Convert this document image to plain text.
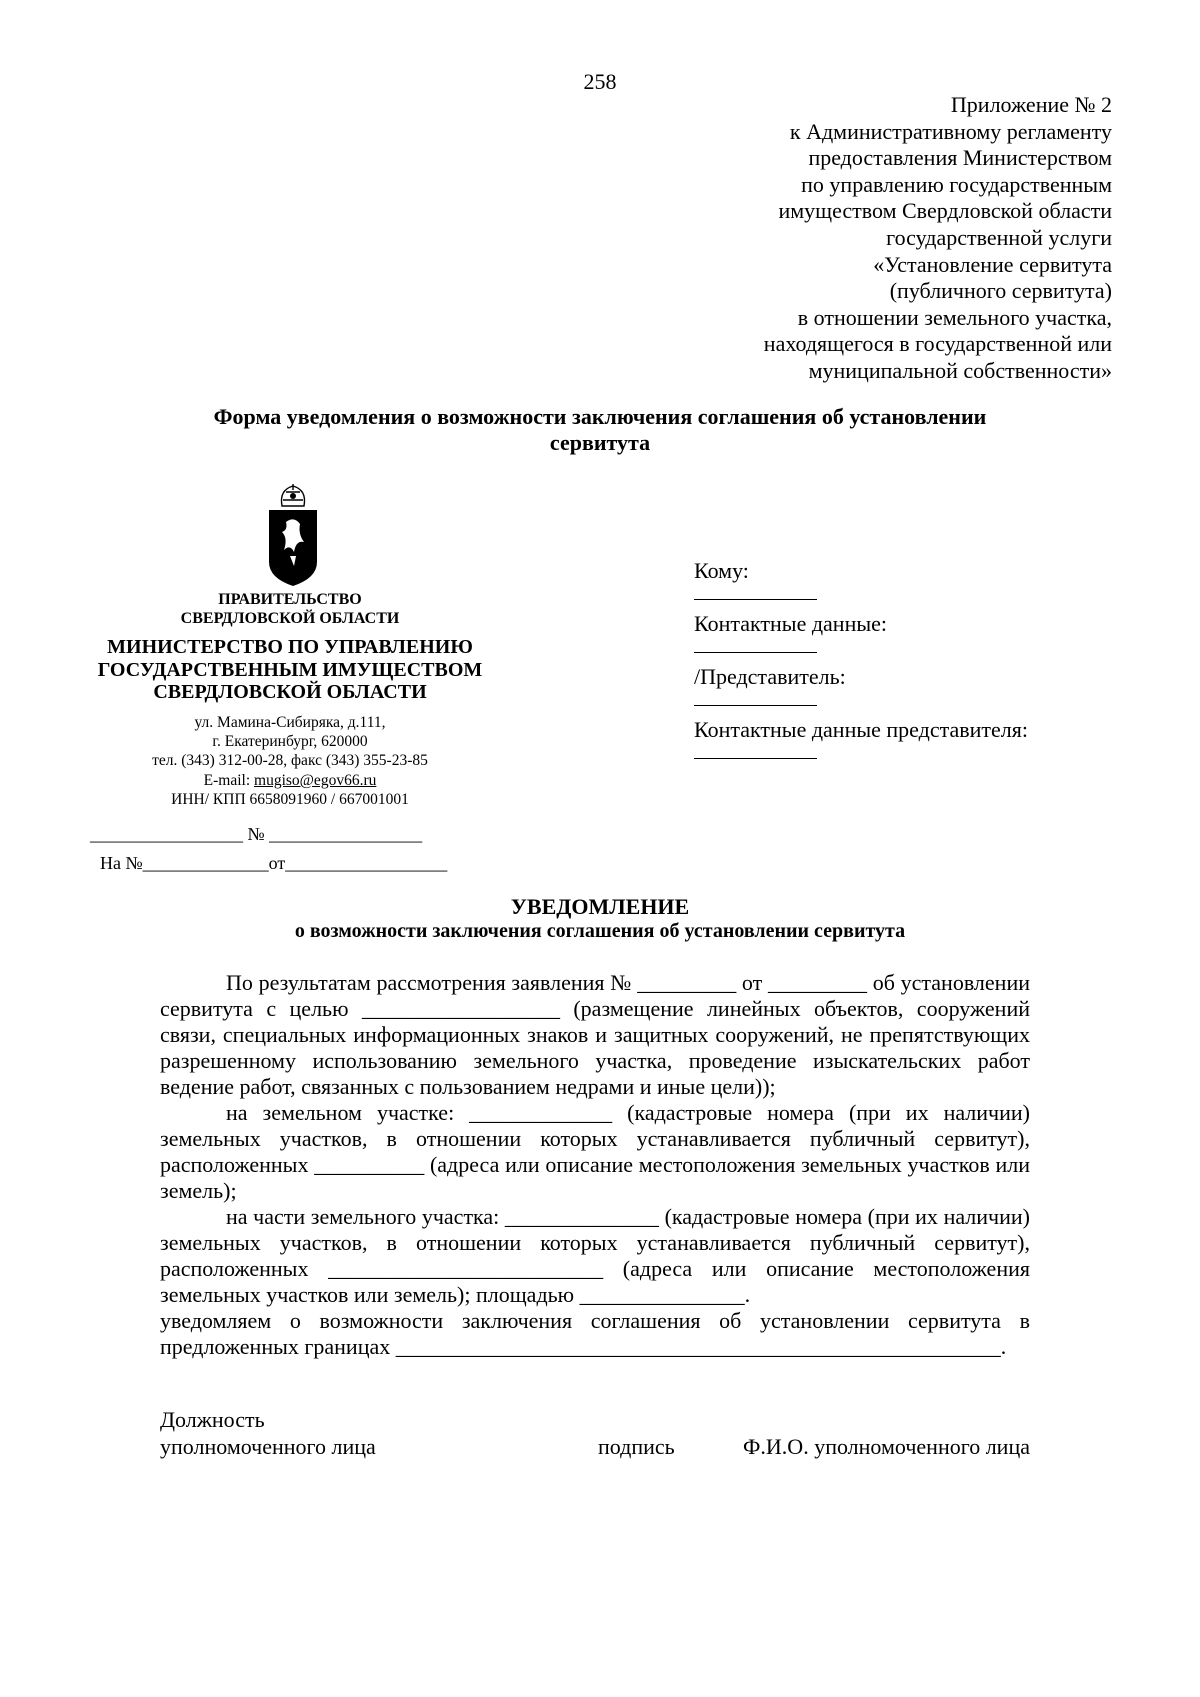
258
Приложение № 2
к Административному регламенту
предоставления Министерством
по управлению государственным
имуществом Свердловской области
государственной услуги
«Установление сервитута
(публичного сервитута)
в отношении земельного участка,
находящегося в государственной или
муниципальной собственности»
Форма уведомления о возможности заключения соглашения об установлении сервитута
ПРАВИТЕЛЬСТВО
СВЕРДЛОВСКОЙ ОБЛАСТИ
МИНИСТЕРСТВО ПО УПРАВЛЕНИЮ
ГОСУДАРСТВЕННЫМ ИМУЩЕСТВОМ
СВЕРДЛОВСКОЙ ОБЛАСТИ
ул. Мамина-Сибиряка, д.111,
г. Екатеринбург, 620000
тел. (343) 312-00-28, факс (343) 355-23-85
E-mail: mugiso@egov66.ru
ИНН/ КПП 6658091960 / 667001001
_________________ № _________________
На №______________от__________________
Кому:
Контактные данные:
/Представитель:
Контактные данные представителя:
УВЕДОМЛЕНИЕ
о возможности заключения соглашения об установлении сервитута

По результатам рассмотрения заявления № _________ от _________ об установлении сервитута с целью __________________ (размещение линейных объектов, сооружений связи, специальных информационных знаков и защитных сооружений, не препятствующих разрешенному использованию земельного участка, проведение изыскательских работ ведение работ, связанных с пользованием недрами и иные цели));

на земельном участке: _____________ (кадастровые номера (при их наличии) земельных участков, в отношении которых устанавливается публичный сервитут), расположенных __________ (адреса или описание местоположения земельных участков или земель);

на части земельного участка: ______________ (кадастровые номера (при их наличии) земельных участков, в отношении которых устанавливается публичный сервитут), расположенных _________________________ (адреса или описание местоположения земельных участков или земель); площадью _______________.

уведомляем о возможности заключения соглашения об установлении сервитута в предложенных границах _______________________________________________________.

Должность уполномоченного лица	подпись	Ф.И.О. уполномоченного лица
